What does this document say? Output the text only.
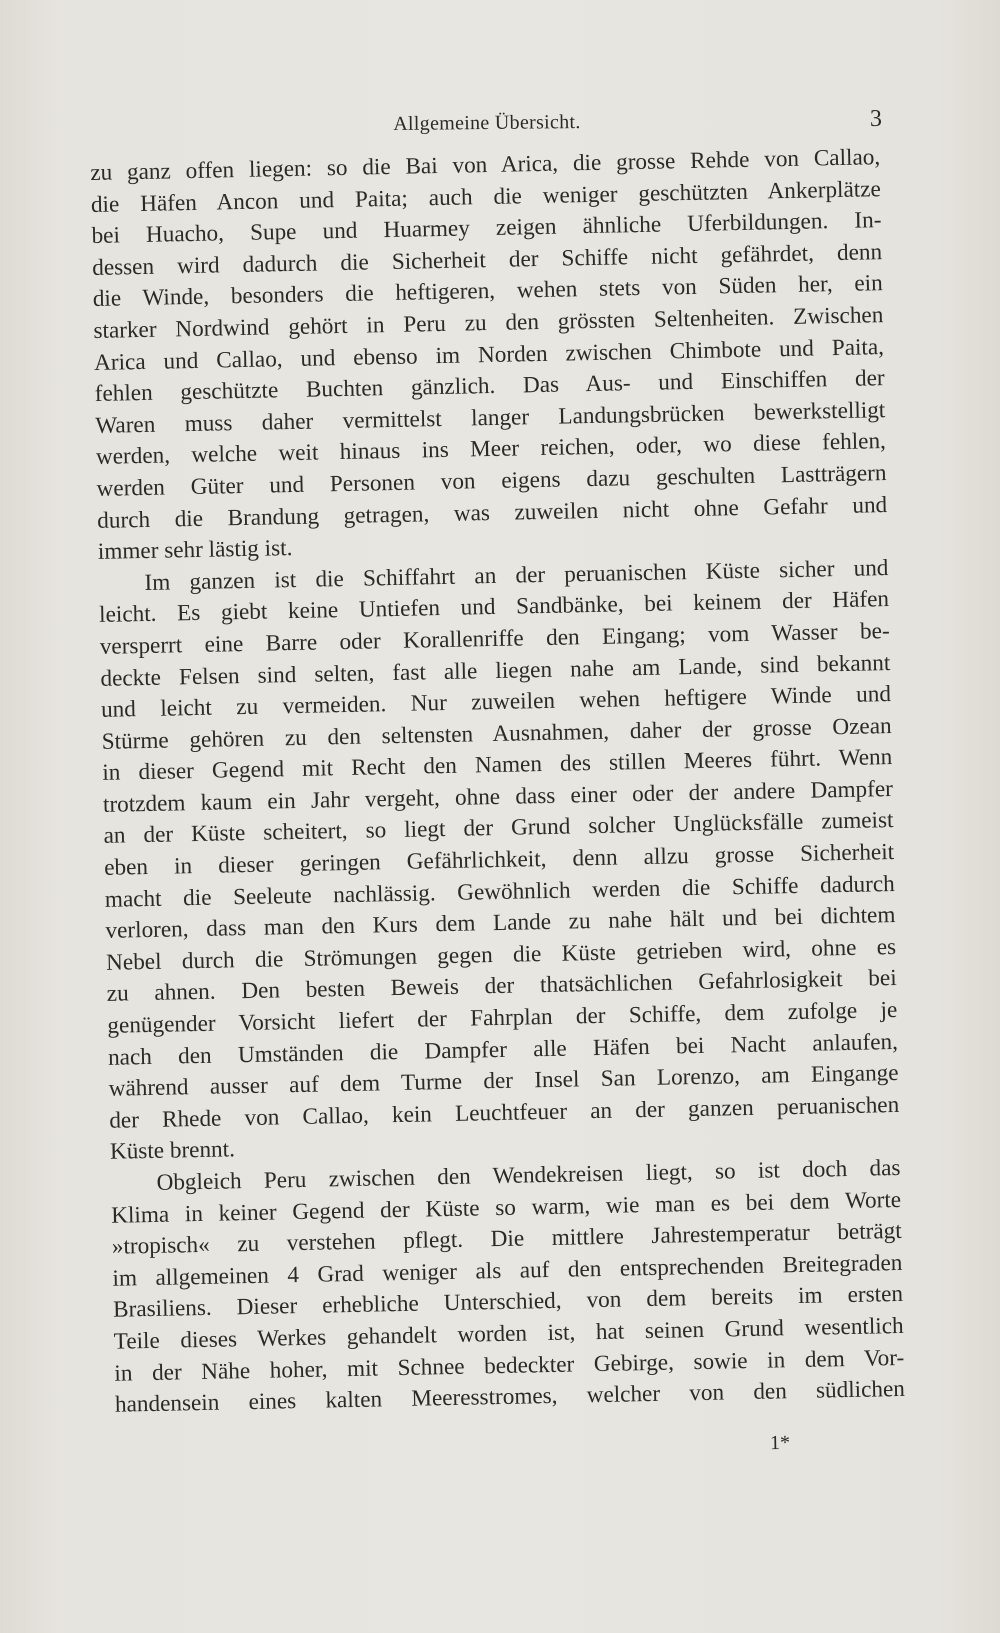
Allgemeine Übersicht.	3

zu ganz offen liegen: so die Bai von Arica, die grosse Rehde von Callao,
die Häfen Ancon und Paita; auch die weniger geschützten Ankerplätze
bei Huacho, Supe und Huarmey zeigen ähnliche Uferbildungen. In-
dessen wird dadurch die Sicherheit der Schiffe nicht gefährdet, denn
die Winde, besonders die heftigeren, wehen stets von Süden her, ein
starker Nordwind gehört in Peru zu den grössten Seltenheiten. Zwischen
Arica und Callao, und ebenso im Norden zwischen Chimbote und Paita,
fehlen geschützte Buchten gänzlich. Das Aus- und Einschiffen der
Waren muss daher vermittelst langer Landungsbrücken bewerkstelligt
werden, welche weit hinaus ins Meer reichen, oder, wo diese fehlen,
werden Güter und Personen von eigens dazu geschulten Lastträgern
durch die Brandung getragen, was zuweilen nicht ohne Gefahr und
immer sehr lästig ist.

Im ganzen ist die Schiffahrt an der peruanischen Küste sicher und
leicht. Es giebt keine Untiefen und Sandbänke, bei keinem der Häfen
versperrt eine Barre oder Korallenriffe den Eingang; vom Wasser be-
deckte Felsen sind selten, fast alle liegen nahe am Lande, sind bekannt
und leicht zu vermeiden. Nur zuweilen wehen heftigere Winde und
Stürme gehören zu den seltensten Ausnahmen, daher der grosse Ozean
in dieser Gegend mit Recht den Namen des stillen Meeres führt. Wenn
trotzdem kaum ein Jahr vergeht, ohne dass einer oder der andere Dampfer
an der Küste scheitert, so liegt der Grund solcher Unglücksfälle zumeist
eben in dieser geringen Gefährlichkeit, denn allzu grosse Sicherheit
macht die Seeleute nachlässig. Gewöhnlich werden die Schiffe dadurch
verloren, dass man den Kurs dem Lande zu nahe hält und bei dichtem
Nebel durch die Strömungen gegen die Küste getrieben wird, ohne es
zu ahnen. Den besten Beweis der thatsächlichen Gefahrlosigkeit bei
genügender Vorsicht liefert der Fahrplan der Schiffe, dem zufolge je
nach den Umständen die Dampfer alle Häfen bei Nacht anlaufen,
während ausser auf dem Turme der Insel San Lorenzo, am Eingange
der Rhede von Callao, kein Leuchtfeuer an der ganzen peruanischen
Küste brennt.

Obgleich Peru zwischen den Wendekreisen liegt, so ist doch das
Klima in keiner Gegend der Küste so warm, wie man es bei dem Worte
»tropisch« zu verstehen pflegt. Die mittlere Jahrestemperatur beträgt
im allgemeinen 4 Grad weniger als auf den entsprechenden Breitegraden
Brasiliens. Dieser erhebliche Unterschied, von dem bereits im ersten
Teile dieses Werkes gehandelt worden ist, hat seinen Grund wesentlich
in der Nähe hoher, mit Schnee bedeckter Gebirge, sowie in dem Vor-
handensein eines kalten Meeresstromes, welcher von den südlichen

1*
